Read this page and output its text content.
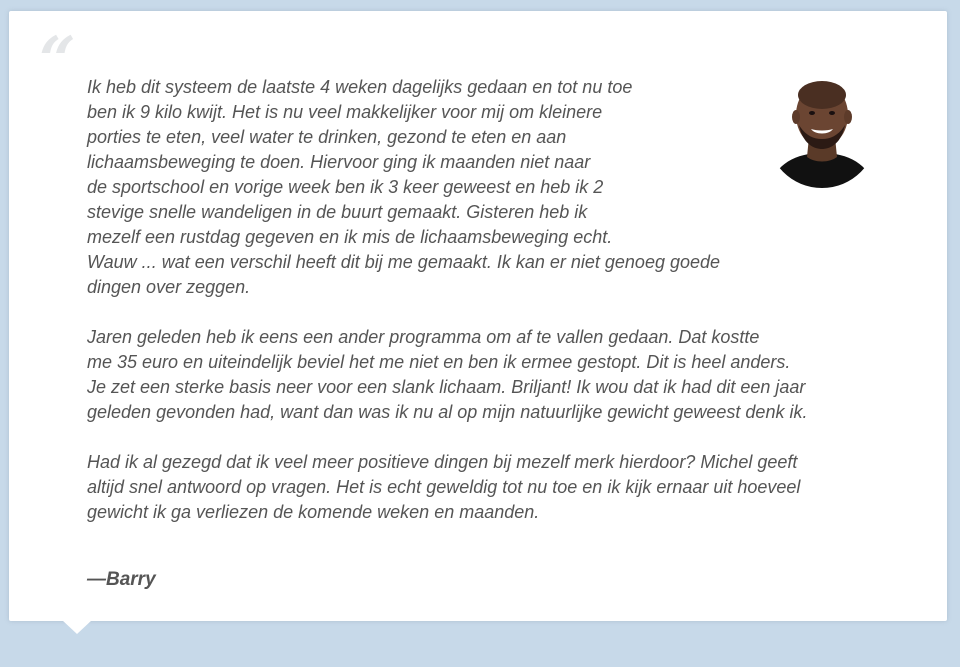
“ Ik heb dit systeem de laatste 4 weken dagelijks gedaan en tot nu toe
ben ik 9 kilo kwijt. Het is nu veel makkelijker voor mij om kleinere
porties te eten, veel water te drinken, gezond te eten en aan
lichaamsbeweging te doen. Hiervoor ging ik maanden niet naar
de sportschool en vorige week ben ik 3 keer geweest en heb ik 2
stevige snelle wandeligen in de buurt gemaakt. Gisteren heb ik
mezelf een rustdag gegeven en ik mis de lichaamsbeweging echt.
Wauw ... wat een verschil heeft dit bij me gemaakt. Ik kan er niet genoeg goede
dingen over zeggen.
Jaren geleden heb ik eens een ander programma om af te vallen gedaan. Dat kostte
me 35 euro en uiteindelijk beviel het me niet en ben ik ermee gestopt. Dit is heel anders.
Je zet een sterke basis neer voor een slank lichaam. Briljant! Ik wou dat ik had dit een jaar
geleden gevonden had, want dan was ik nu al op mijn natuurlijke gewicht geweest denk ik.
Had ik al gezegd dat ik veel meer positieve dingen bij mezelf merk hierdoor? Michel geeft
altijd snel antwoord op vragen. Het is echt geweldig tot nu toe en ik kijk ernaar uit hoeveel
gewicht ik ga verliezen de komende weken en maanden.
—Barry
